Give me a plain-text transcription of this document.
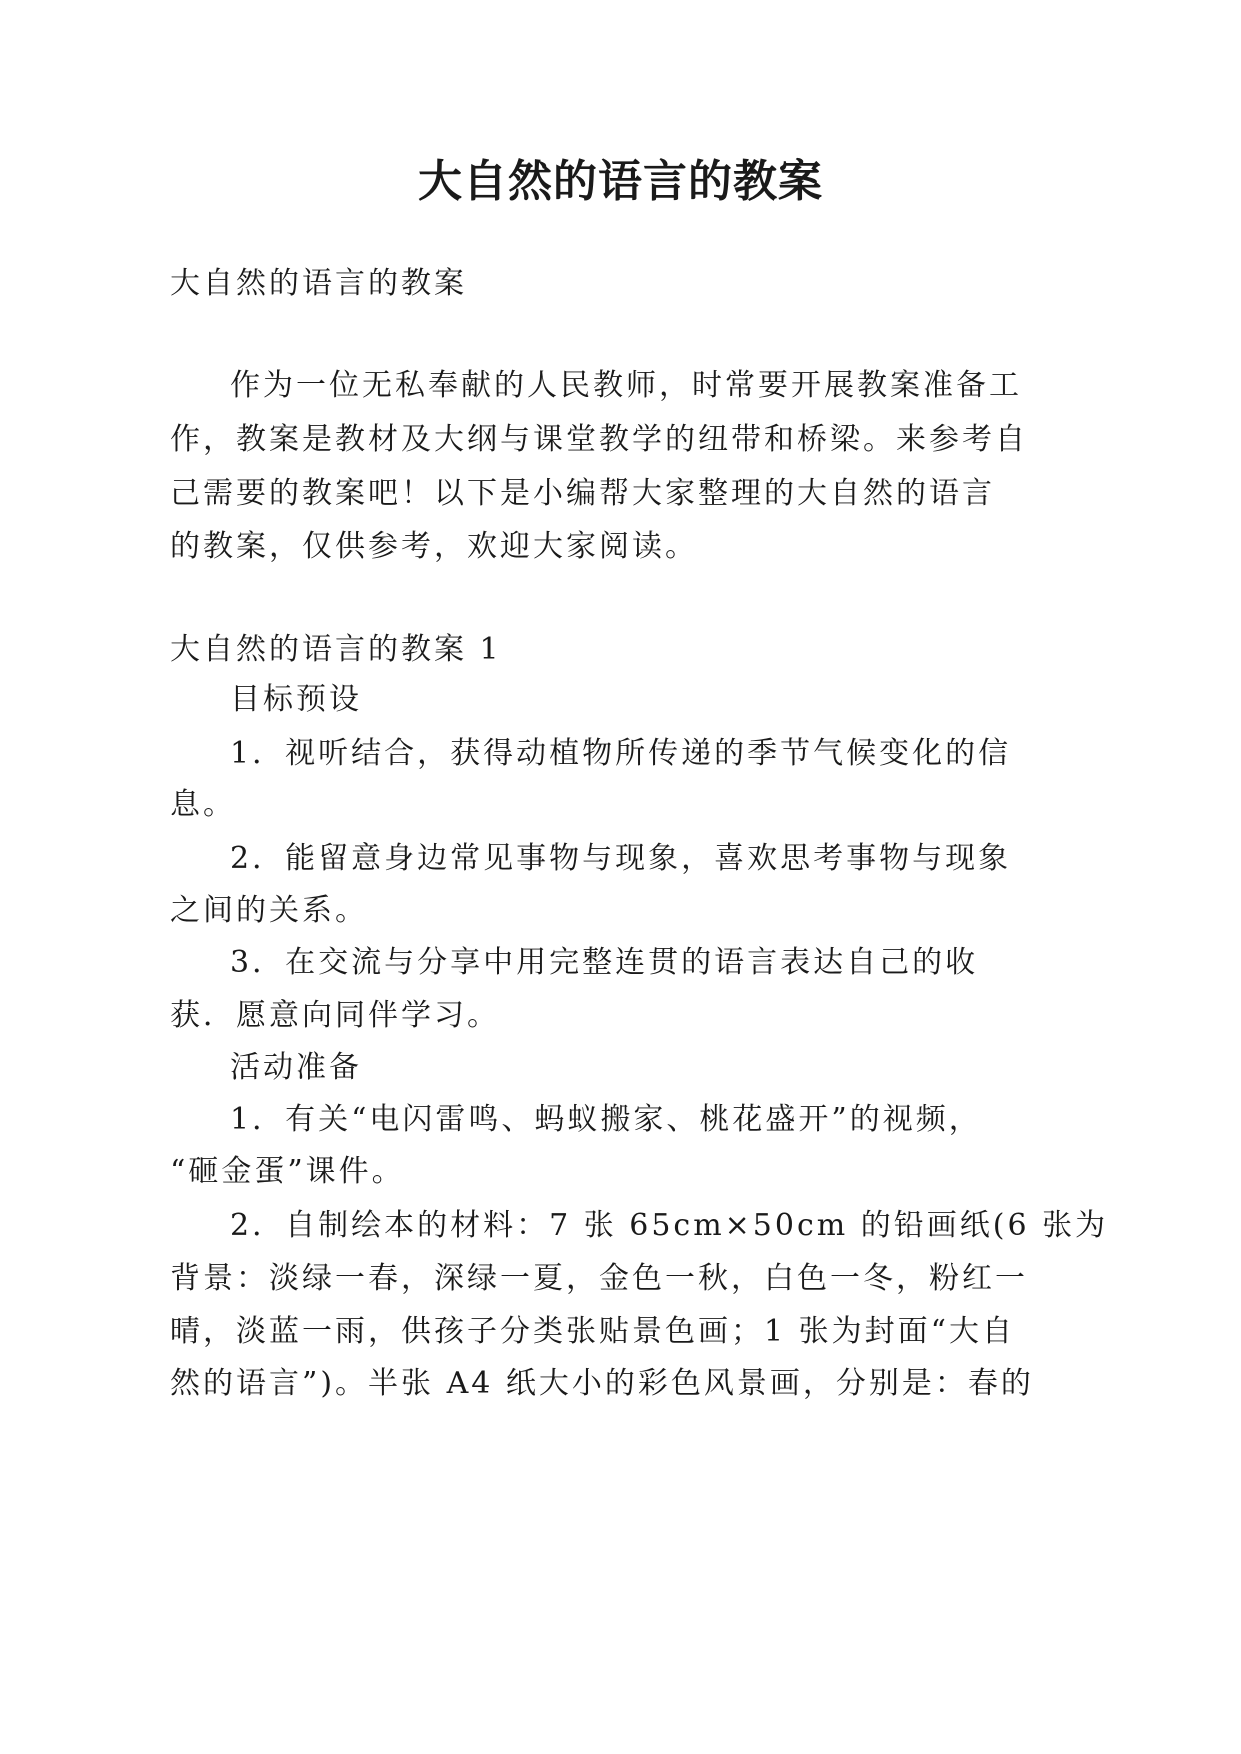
大自然的语言的教案
大自然的语言的教案
作为一位无私奉献的人民教师，时常要开展教案准备工
作，教案是教材及大纲与课堂教学的纽带和桥梁。来参考自
己需要的教案吧！以下是小编帮大家整理的大自然的语言
的教案，仅供参考，欢迎大家阅读。
大自然的语言的教案 1
目标预设
1．视听结合，获得动植物所传递的季节气候变化的信
息。
2．能留意身边常见事物与现象，喜欢思考事物与现象
之间的关系。
3．在交流与分享中用完整连贯的语言表达自己的收
获．愿意向同伴学习。
活动准备
1．有关“电闪雷鸣、蚂蚁搬家、桃花盛开”的视频，
“砸金蛋”课件。
2．自制绘本的材料：7 张 65cm×50cm 的铅画纸(6 张为
背景：淡绿一春，深绿一夏，金色一秋，白色一冬，粉红一
晴，淡蓝一雨，供孩子分类张贴景色画；1 张为封面“大自
然的语言”)。半张 A4 纸大小的彩色风景画，分别是：春的
